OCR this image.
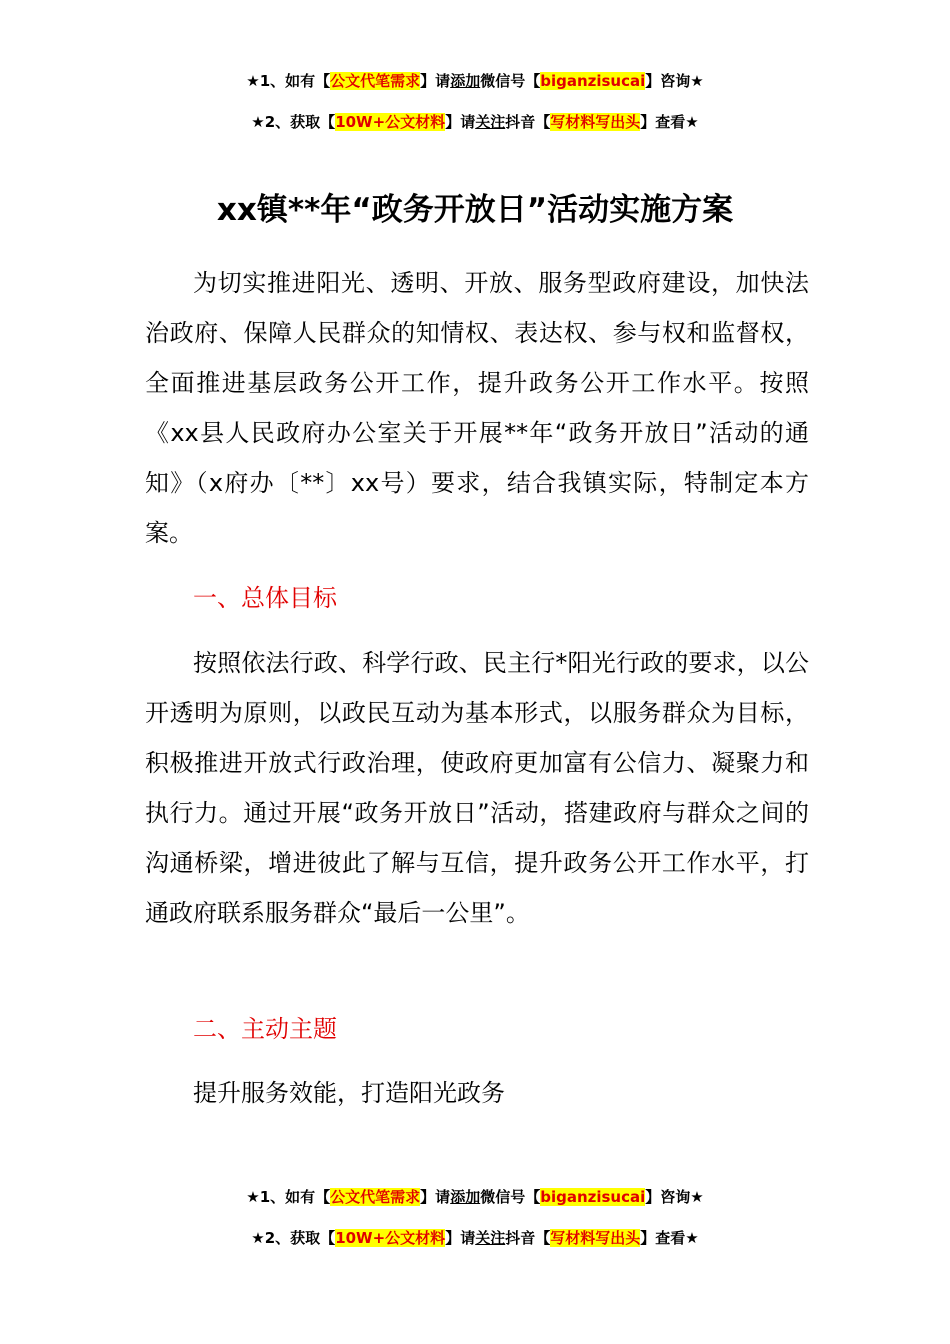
★1、如有【公文代笔需求】请添加微信号【biganzisucai】咨询★
★2、获取【10W+公文材料】请关注抖音【写材料写出头】查看★
xx镇**年“政务开放日”活动实施方案

为切实推进阳光、透明、开放、服务型政府建设，加快法治政府、保障人民群众的知情权、表达权、参与权和监督权，全面推进基层政务公开工作，提升政务公开工作水平。按照《xx县人民政府办公室关于开展**年“政务开放日”活动的通知》（x府办〔**〕xx号）要求，结合我镇实际，特制定本方案。

一、总体目标

按照依法行政、科学行政、民主行*阳光行政的要求，以公开透明为原则，以政民互动为基本形式，以服务群众为目标，积极推进开放式行政治理，使政府更加富有公信力、凝聚力和执行力。通过开展“政务开放日”活动，搭建政府与群众之间的沟通桥梁，增进彼此了解与互信，提升政务公开工作水平，打通政府联系服务群众“最后一公里”。

二、主动主题

提升服务效能，打造阳光政务

★1、如有【公文代笔需求】请添加微信号【biganzisucai】咨询★
★2、获取【10W+公文材料】请关注抖音【写材料写出头】查看★
